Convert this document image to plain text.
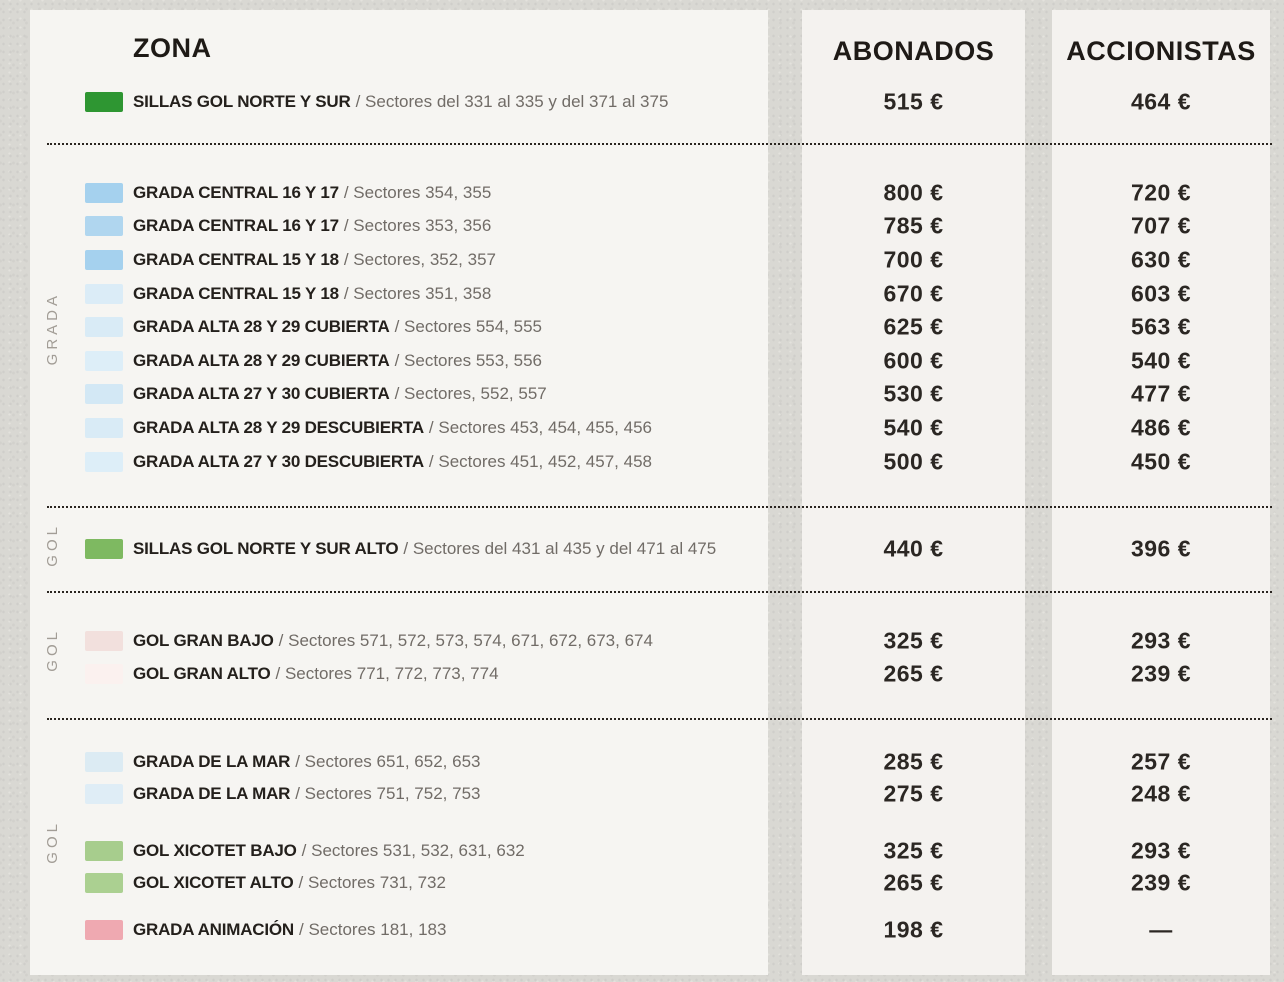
ZONA	ABONADOS	ACCIONISTAS
GRADA
GOL
GOL
GOL
SILLAS GOL NORTE Y SUR / Sectores del 331 al 335 y del 371 al 375	515 €	464 €
GRADA CENTRAL 16 Y 17 / Sectores 354, 355	800 €	720 €
GRADA CENTRAL 16 Y 17 / Sectores 353, 356	785 €	707 €
GRADA CENTRAL 15 Y 18 / Sectores, 352, 357	700 €	630 €
GRADA CENTRAL 15 Y 18 / Sectores 351, 358	670 €	603 €
GRADA ALTA 28 Y 29 CUBIERTA / Sectores 554, 555	625 €	563 €
GRADA ALTA 28 Y 29 CUBIERTA / Sectores 553, 556	600 €	540 €
GRADA ALTA 27 Y 30 CUBIERTA / Sectores, 552, 557	530 €	477 €
GRADA ALTA 28 Y 29 DESCUBIERTA / Sectores 453, 454, 455, 456	540 €	486 €
GRADA ALTA 27 Y 30 DESCUBIERTA / Sectores 451, 452, 457, 458	500 €	450 €
SILLAS GOL NORTE Y SUR ALTO / Sectores del 431 al 435 y del 471 al 475	440 €	396 €
GOL GRAN BAJO / Sectores 571, 572, 573, 574, 671, 672, 673, 674	325 €	293 €
GOL GRAN ALTO / Sectores 771, 772, 773, 774	265 €	239 €
GRADA DE LA MAR / Sectores 651, 652, 653	285 €	257 €
GRADA DE LA MAR / Sectores 751, 752, 753	275 €	248 €
GOL XICOTET BAJO / Sectores 531, 532, 631, 632	325 €	293 €
GOL XICOTET ALTO / Sectores 731, 732	265 €	239 €
GRADA ANIMACIÓN / Sectores 181, 183	198 €	—
